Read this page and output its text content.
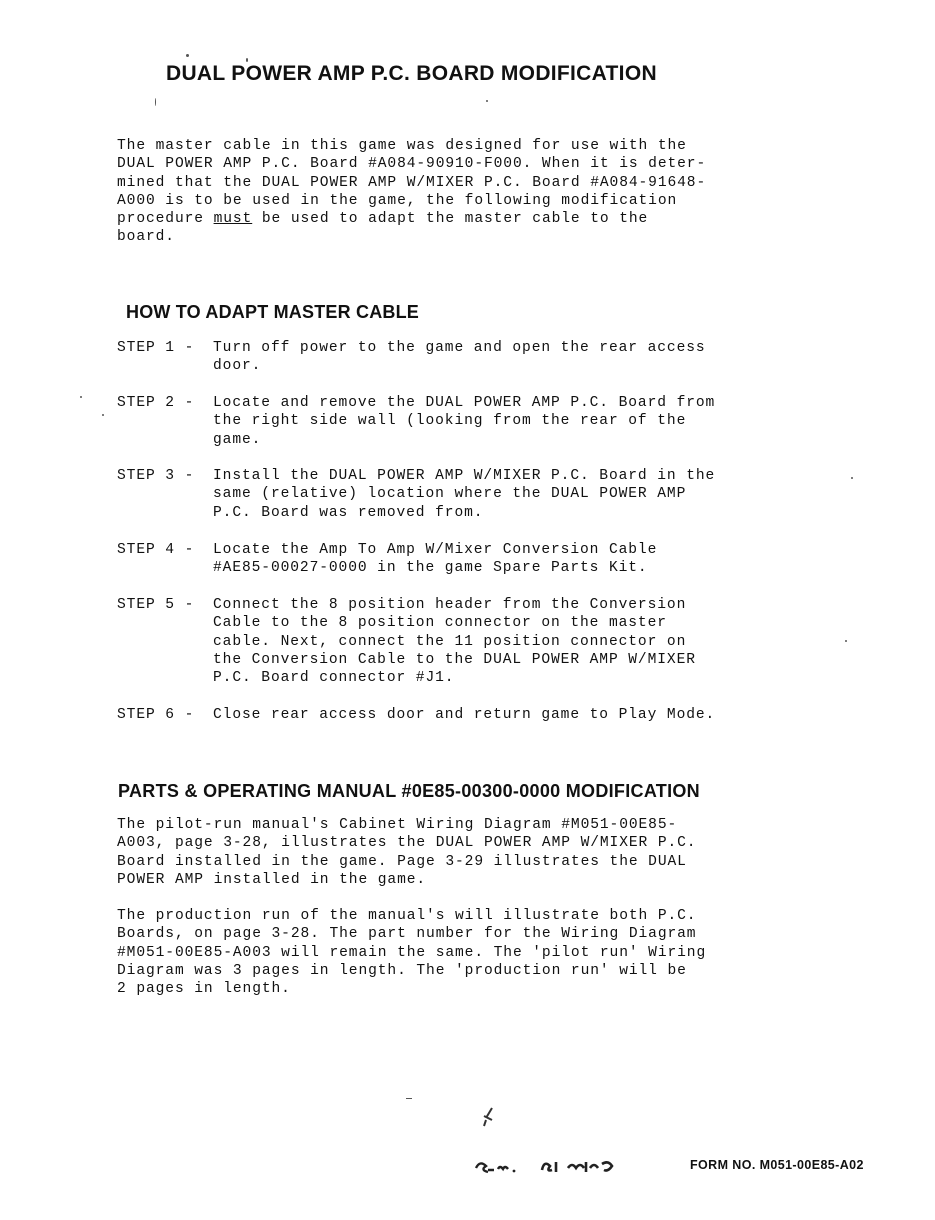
DUAL POWER AMP P.C. BOARD MODIFICATION

The master cable in this game was designed for use with the
DUAL POWER AMP P.C. Board #A084-90910-F000. When it is deter-
mined that the DUAL POWER AMP W/MIXER P.C. Board #A084-91648-
A000 is to be used in the game, the following modification
procedure must be used to adapt the master cable to the
board.

HOW TO ADAPT MASTER CABLE
STEP 1 - Turn off power to the game and open the rear access
door.

STEP 2 - Locate and remove the DUAL POWER AMP P.C. Board from
the right side wall (looking from the rear of the
game.

STEP 3 - Install the DUAL POWER AMP W/MIXER P.C. Board in the
same (relative) location where the DUAL POWER AMP
P.C. Board was removed from.

STEP 4 - Locate the Amp To Amp W/Mixer Conversion Cable
#AE85-00027-0000 in the game Spare Parts Kit.

STEP 5 - Connect the 8 position header from the Conversion
Cable to the 8 position connector on the master
cable. Next, connect the 11 position connector on
the Conversion Cable to the DUAL POWER AMP W/MIXER
P.C. Board connector #J1.

STEP 6 - Close rear access door and return game to Play Mode.

PARTS & OPERATING MANUAL #0E85-00300-0000 MODIFICATION

The pilot-run manual's Cabinet Wiring Diagram #M051-00E85-
A003, page 3-28, illustrates the DUAL POWER AMP W/MIXER P.C.
Board installed in the game. Page 3-29 illustrates the DUAL
POWER AMP installed in the game.

The production run of the manual's will illustrate both P.C.
Boards, on page 3-28. The part number for the Wiring Diagram
#M051-00E85-A003 will remain the same. The 'pilot run' Wiring
Diagram was 3 pages in length. The 'production run' will be
2 pages in length.

FORM NO. M051-00E85-A02
